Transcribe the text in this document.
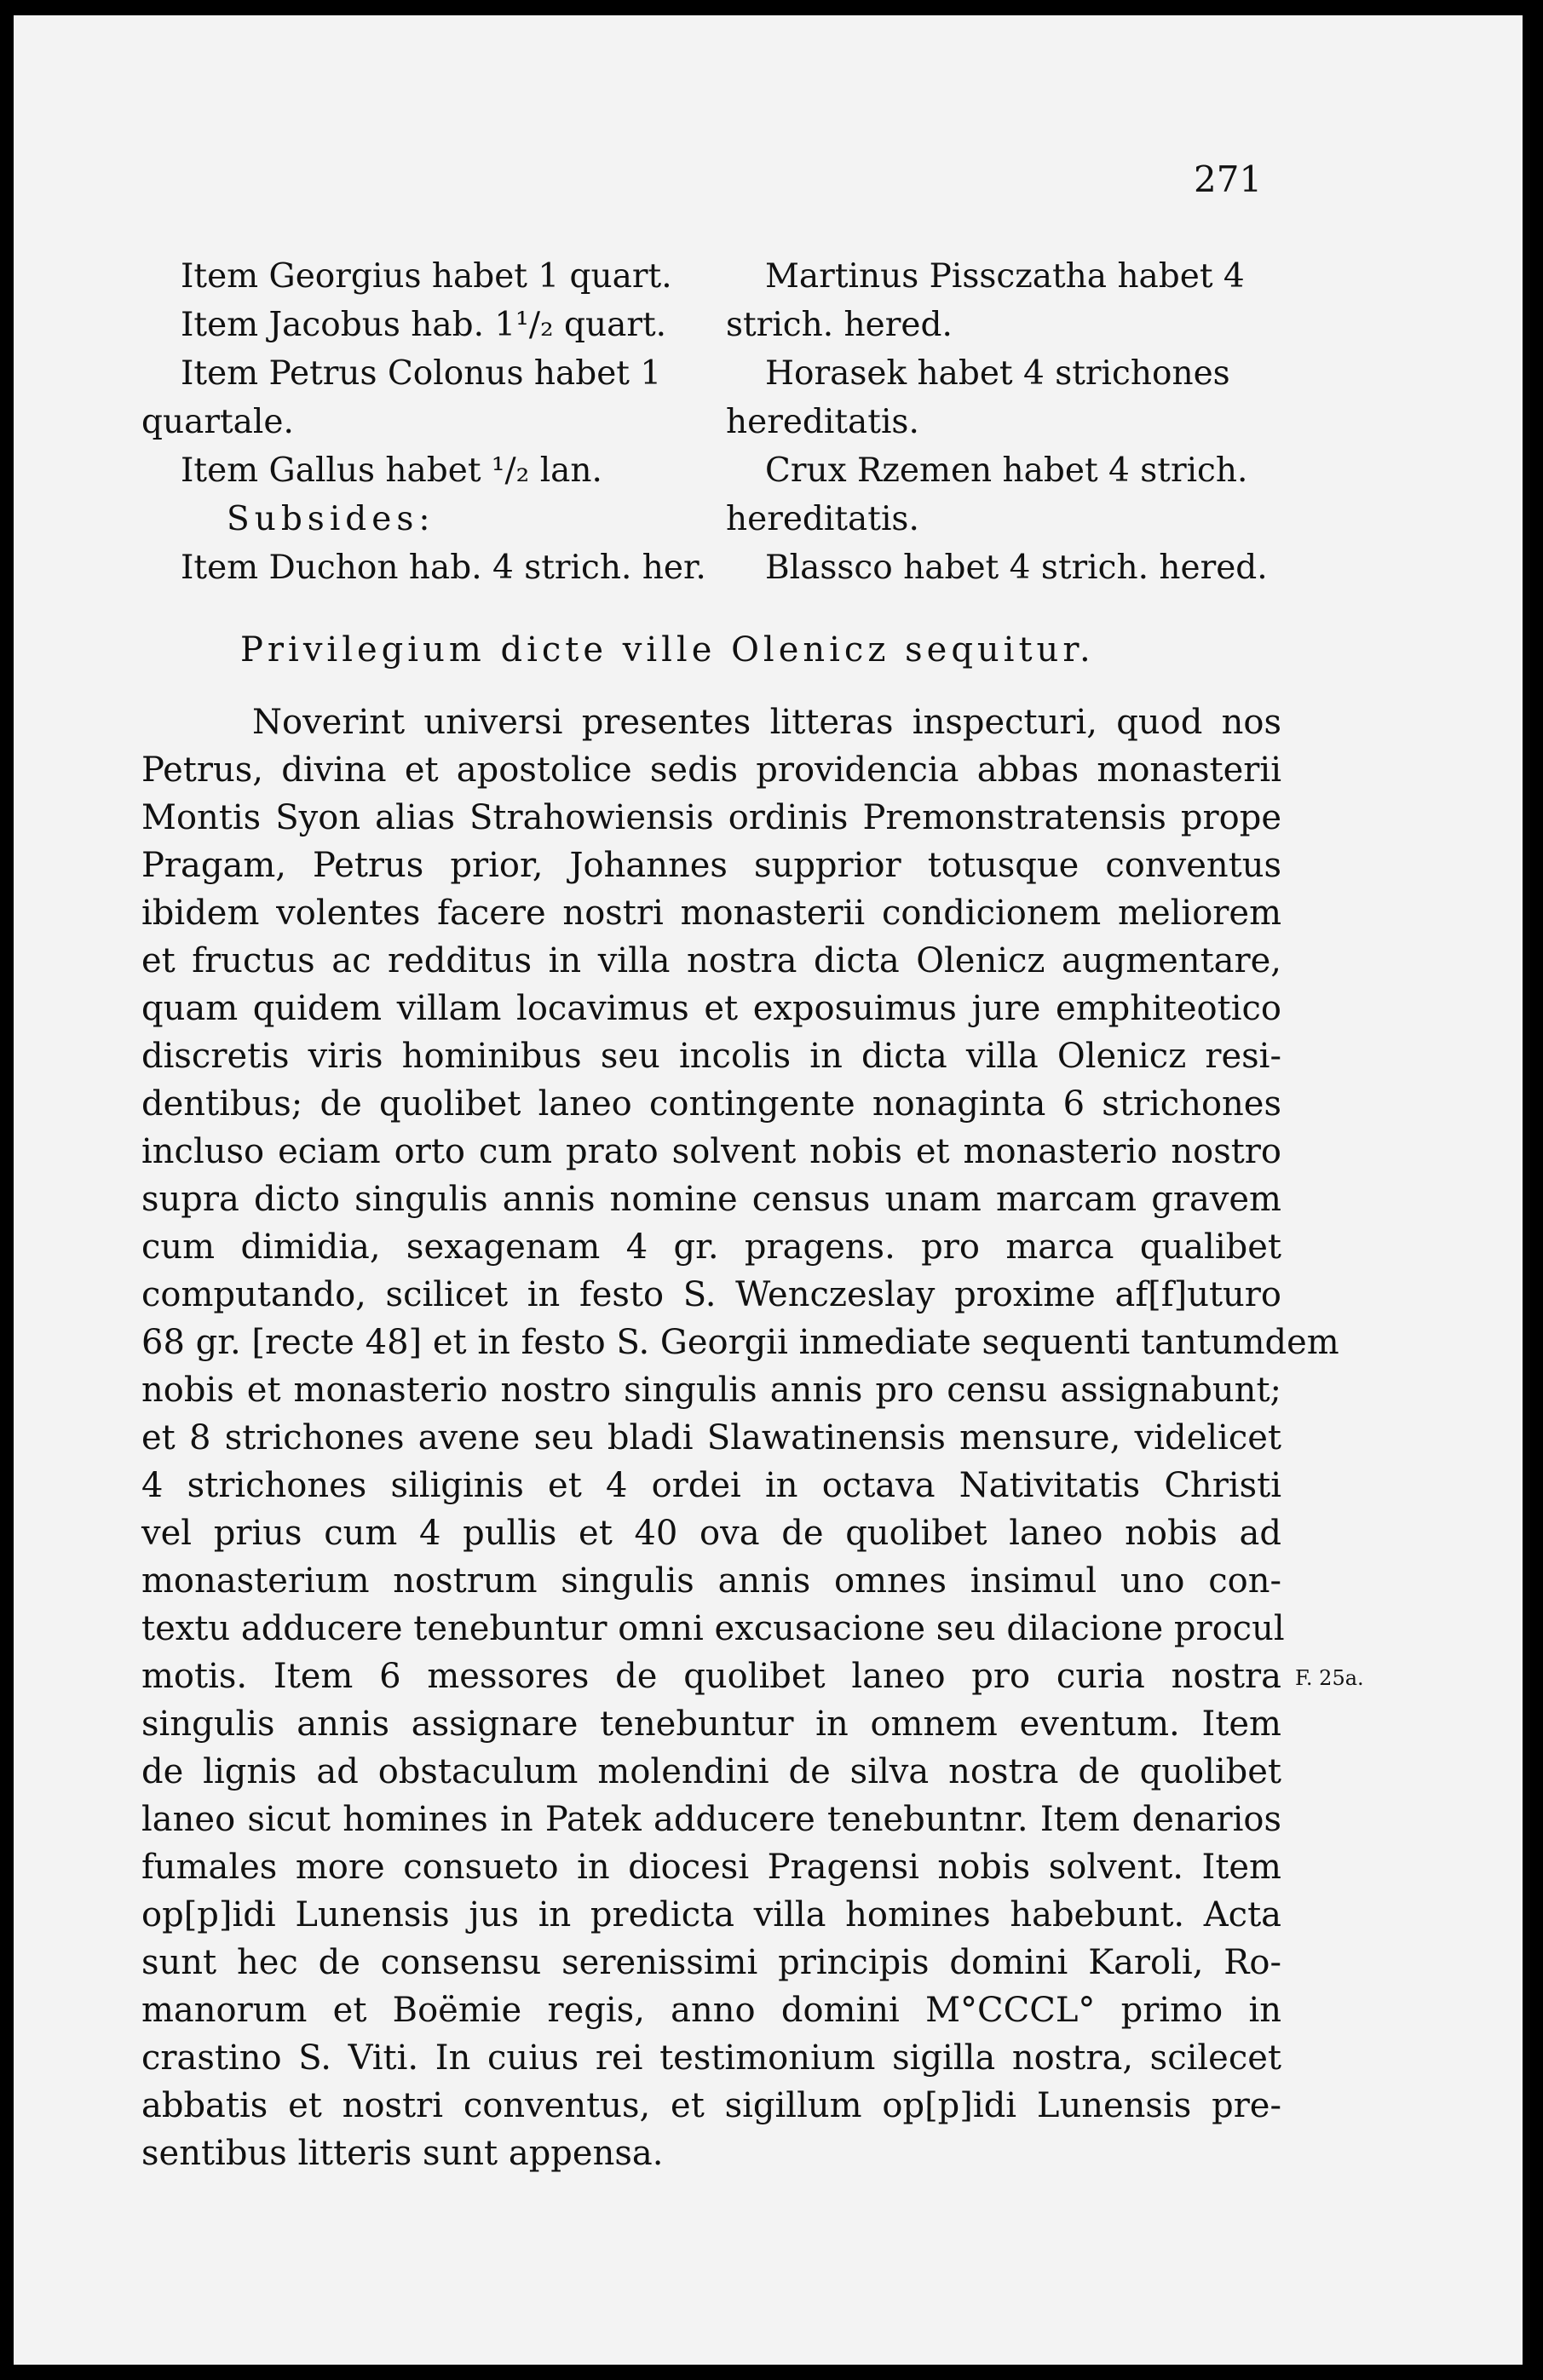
271
Item Georgius habet 1 quart.
Item Jacobus hab. 1¹/₂ quart.
Item Petrus Colonus habet 1
quartale.
Item Gallus habet ¹/₂ lan.
Subsides:
Item Duchon hab. 4 strich. her.
Martinus Pissczatha habet 4
strich. hered.
Horasek habet 4 strichones
hereditatis.
Crux Rzemen habet 4 strich.
hereditatis.
Blassco habet 4 strich. hered.
Privilegium dicte ville Olenicz sequitur.
Noverint universi presentes litteras inspecturi, quod nos
Petrus, divina et apostolice sedis providencia abbas monasterii
Montis Syon alias Strahowiensis ordinis Premonstratensis prope
Pragam, Petrus prior, Johannes supprior totusque conventus
ibidem volentes facere nostri monasterii condicionem meliorem
et fructus ac redditus in villa nostra dicta Olenicz augmentare,
quam quidem villam locavimus et exposuimus jure emphiteotico
discretis viris hominibus seu incolis in dicta villa Olenicz resi-
dentibus; de quolibet laneo contingente nonaginta 6 strichones
incluso eciam orto cum prato solvent nobis et monasterio nostro
supra dicto singulis annis nomine census unam marcam gravem
cum dimidia, sexagenam 4 gr. pragens. pro marca qualibet
computando, scilicet in festo S. Wenczeslay proxime af[f]uturo
68 gr. [recte 48] et in festo S. Georgii inmediate sequenti tantumdem
nobis et monasterio nostro singulis annis pro censu assignabunt;
et 8 strichones avene seu bladi Slawatinensis mensure, videlicet
4 strichones siliginis et 4 ordei in octava Nativitatis Christi
vel prius cum 4 pullis et 40 ova de quolibet laneo nobis ad
monasterium nostrum singulis annis omnes insimul uno con-
textu adducere tenebuntur omni excusacione seu dilacione procul
motis. Item 6 messores de quolibet laneo pro curia nostra
singulis annis assignare tenebuntur in omnem eventum. Item
de lignis ad obstaculum molendini de silva nostra de quolibet
laneo sicut homines in Patek adducere tenebuntnr. Item denarios
fumales more consueto in diocesi Pragensi nobis solvent. Item
op[p]idi Lunensis jus in predicta villa homines habebunt. Acta
sunt hec de consensu serenissimi principis domini Karoli, Ro-
manorum et Boëmie regis, anno domini M°CCCL° primo in
crastino S. Viti. In cuius rei testimonium sigilla nostra, scilecet
abbatis et nostri conventus, et sigillum op[p]idi Lunensis pre-
sentibus litteris sunt appensa.
F. 25a.
